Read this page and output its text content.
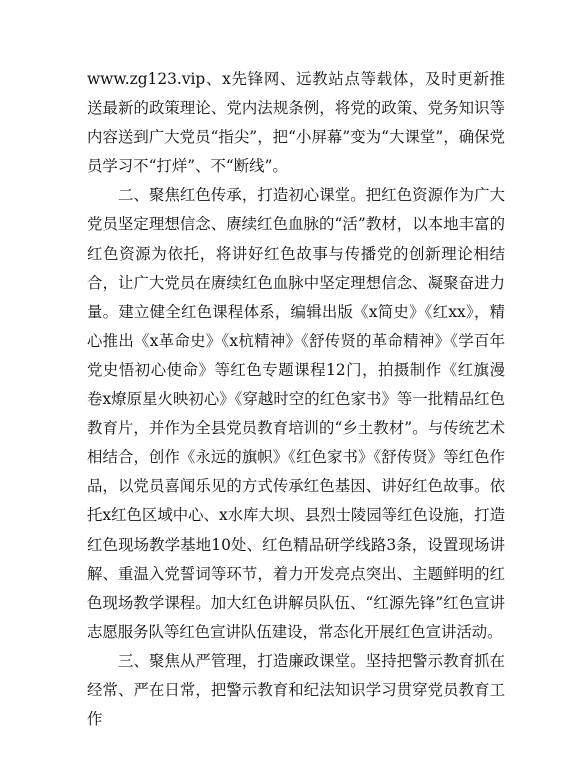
www.zg123.vip、x先锋网、远教站点等载体，及时更新推送最新的政策理论、党内法规条例，将党的政策、党务知识等内容送到广大党员“指尖”，把“小屏幕”变为“大课堂”，确保党员学习不“打烊”、不“断线”。

二、聚焦红色传承，打造初心课堂。把红色资源作为广大党员坚定理想信念、赓续红色血脉的“活”教材，以本地丰富的红色资源为依托，将讲好红色故事与传播党的创新理论相结合，让广大党员在赓续红色血脉中坚定理想信念、凝聚奋进力量。建立健全红色课程体系，编辑出版《x简史》《红xx》，精心推出《x革命史》《x杭精神》《舒传贤的革命精神》《学百年党史悟初心使命》等红色专题课程12门，拍摄制作《红旗漫卷x燎原星火映初心》《穿越时空的红色家书》等一批精品红色教育片，并作为全县党员教育培训的“乡土教材”。与传统艺术相结合，创作《永远的旗帜》《红色家书》《舒传贤》等红色作品，以党员喜闻乐见的方式传承红色基因、讲好红色故事。依托x红色区域中心、x水库大坝、县烈士陵园等红色设施，打造红色现场教学基地10处、红色精品研学线路3条，设置现场讲解、重温入党誓词等环节，着力开发亮点突出、主题鲜明的红色现场教学课程。加大红色讲解员队伍、“红源先锋”红色宣讲志愿服务队等红色宣讲队伍建设，常态化开展红色宣讲活动。

三、聚焦从严管理，打造廉政课堂。坚持把警示教育抓在经常、严在日常，把警示教育和纪法知识学习贯穿党员教育工作
